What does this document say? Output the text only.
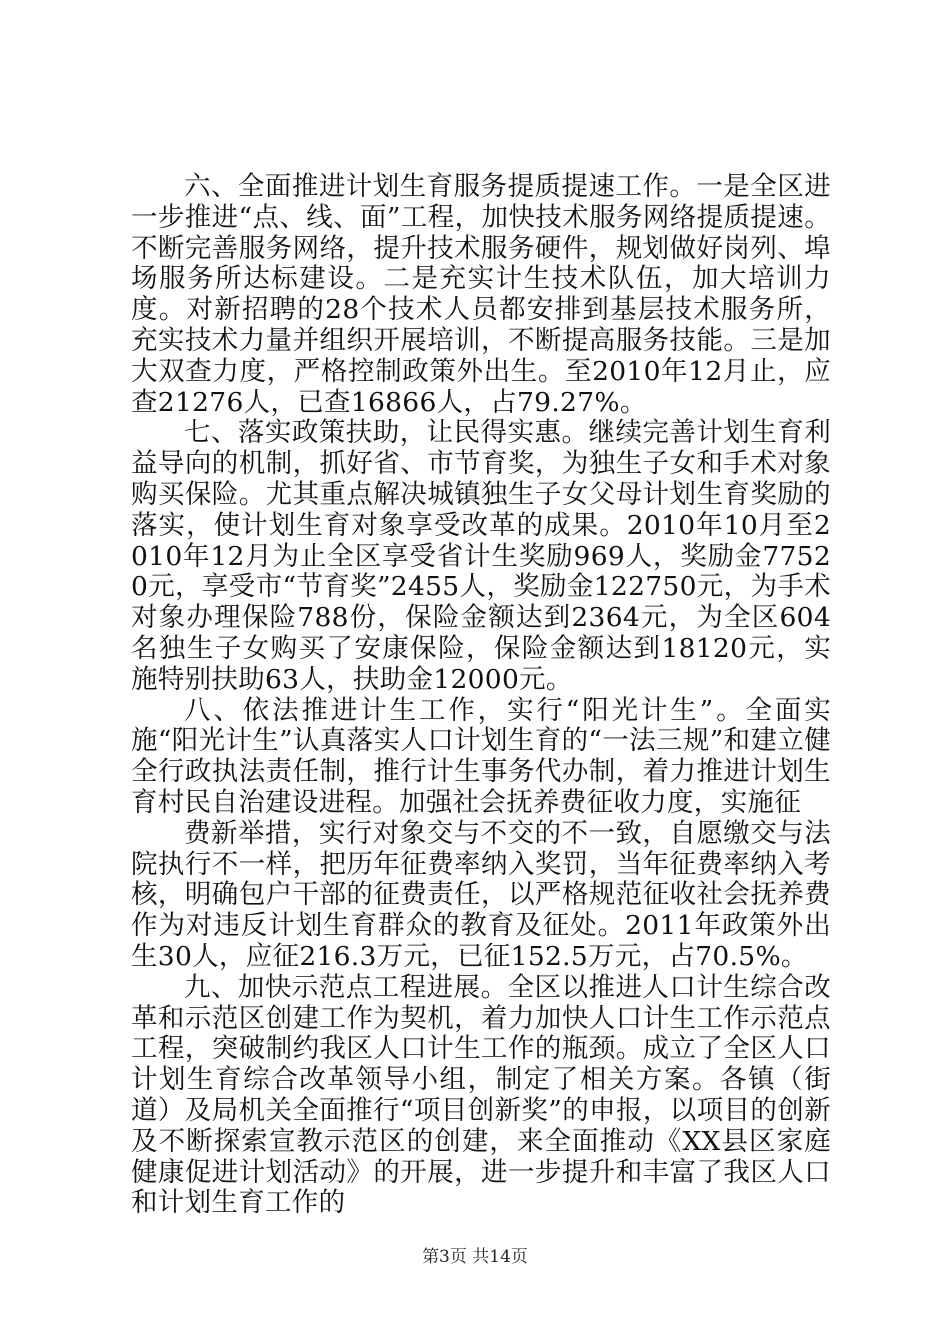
六、全面推进计划生育服务提质提速工作。一是全区进一步推进“点、线、面”工程，加快技术服务网络提质提速。不断完善服务网络，提升技术服务硬件，规划做好岗列、埠场服务所达标建设。二是充实计生技术队伍，加大培训力度。对新招聘的28个技术人员都安排到基层技术服务所，充实技术力量并组织开展培训，不断提高服务技能。三是加大双查力度，严格控制政策外出生。至2010年12月止，应查21276人，已查16866人，占79.27%。

七、落实政策扶助，让民得实惠。继续完善计划生育利益导向的机制，抓好省、市节育奖，为独生子女和手术对象购买保险。尤其重点解决城镇独生子女父母计划生育奖励的落实，使计划生育对象享受改革的成果。2010年10月至2010年12月为止全区享受省计生奖励969人，奖励金77520元，享受市“节育奖”2455人，奖励金122750元，为手术对象办理保险788份，保险金额达到2364元，为全区604名独生子女购买了安康保险，保险金额达到18120元，实施特别扶助63人，扶助金12000元。

八、依法推进计生工作，实行“阳光计生”。全面实施“阳光计生”认真落实人口计划生育的“一法三规”和建立健全行政执法责任制，推行计生事务代办制，着力推进计划生育村民自治建设进程。加强社会抚养费征收力度，实施征

费新举措，实行对象交与不交的不一致，自愿缴交与法院执行不一样，把历年征费率纳入奖罚，当年征费率纳入考核，明确包户干部的征费责任，以严格规范征收社会抚养费作为对违反计划生育群众的教育及征处。2011年政策外出生30人，应征216.3万元，已征152.5万元，占70.5%。

九、加快示范点工程进展。全区以推进人口计生综合改革和示范区创建工作为契机，着力加快人口计生工作示范点工程，突破制约我区人口计生工作的瓶颈。成立了全区人口计划生育综合改革领导小组，制定了相关方案。各镇（街道）及局机关全面推行“项目创新奖”的申报，以项目的创新及不断探索宣教示范区的创建，来全面推动《XX县区家庭健康促进计划活动》的开展，进一步提升和丰富了我区人口和计划生育工作的

第3页 共14页
